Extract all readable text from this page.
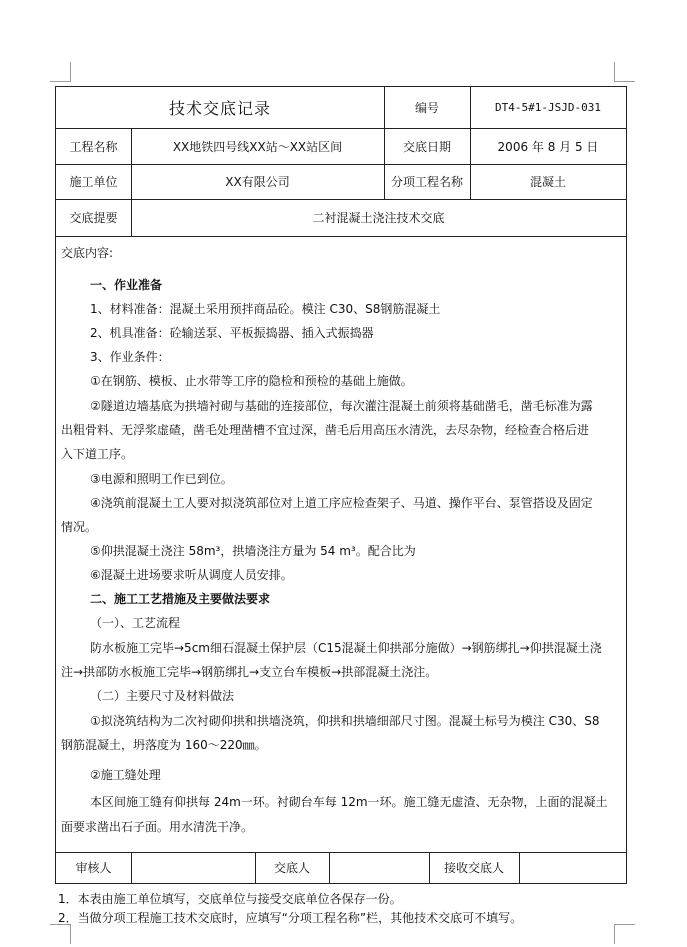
技术交底记录	编号	DT4-5#1-JSJD-031
工程名称	XX地铁四号线XX站～XX站区间	交底日期	2006 年 8 月 5 日
施工单位	XX有限公司	分项工程名称	混凝土
交底提要	二衬混凝土浇注技术交底
交底内容:
一、作业准备
1、材料准备：混凝土采用预拌商品砼。模注 C30、S8钢筋混凝土
2、机具准备：砼输送泵、平板振捣器、插入式振捣器
3、作业条件：
①在钢筋、模板、止水带等工序的隐检和预检的基础上施做。
②隧道边墙基底为拱墙衬砌与基础的连接部位，每次灌注混凝土前须将基础凿毛，凿毛标准为露
出粗骨料、无浮浆虚碴，凿毛处理凿槽不宜过深，凿毛后用高压水清洗，去尽杂物，经检查合格后进
入下道工序。
③电源和照明工作已到位。
④浇筑前混凝土工人要对拟浇筑部位对上道工序应检查架子、马道、操作平台、泵管搭设及固定
情况。
⑤仰拱混凝土浇注 58m³，拱墙浇注方量为 54 m³。配合比为
⑥混凝土进场要求听从调度人员安排。
二、施工工艺措施及主要做法要求
（一）、工艺流程
防水板施工完毕→5cm细石混凝土保护层（C15混凝土仰拱部分施做）→钢筋绑扎→仰拱混凝土浇
注→拱部防水板施工完毕→钢筋绑扎→支立台车模板→拱部混凝土浇注。
（二）主要尺寸及材料做法
①拟浇筑结构为二次衬砌仰拱和拱墙浇筑，仰拱和拱墙细部尺寸图。混凝土标号为模注 C30、S8
钢筋混凝土，坍落度为 160～220㎜。
②施工缝处理
本区间施工缝有仰拱每 24m一环。衬砌台车每 12m一环。施工缝无虚渣、无杂物，上面的混凝土
面要求凿出石子面。用水清洗干净。
审核人	交底人	接收交底人
1．本表由施工单位填写，交底单位与接受交底单位各保存一份。
2．当做分项工程施工技术交底时，应填写“分项工程名称”栏，其他技术交底可不填写。
